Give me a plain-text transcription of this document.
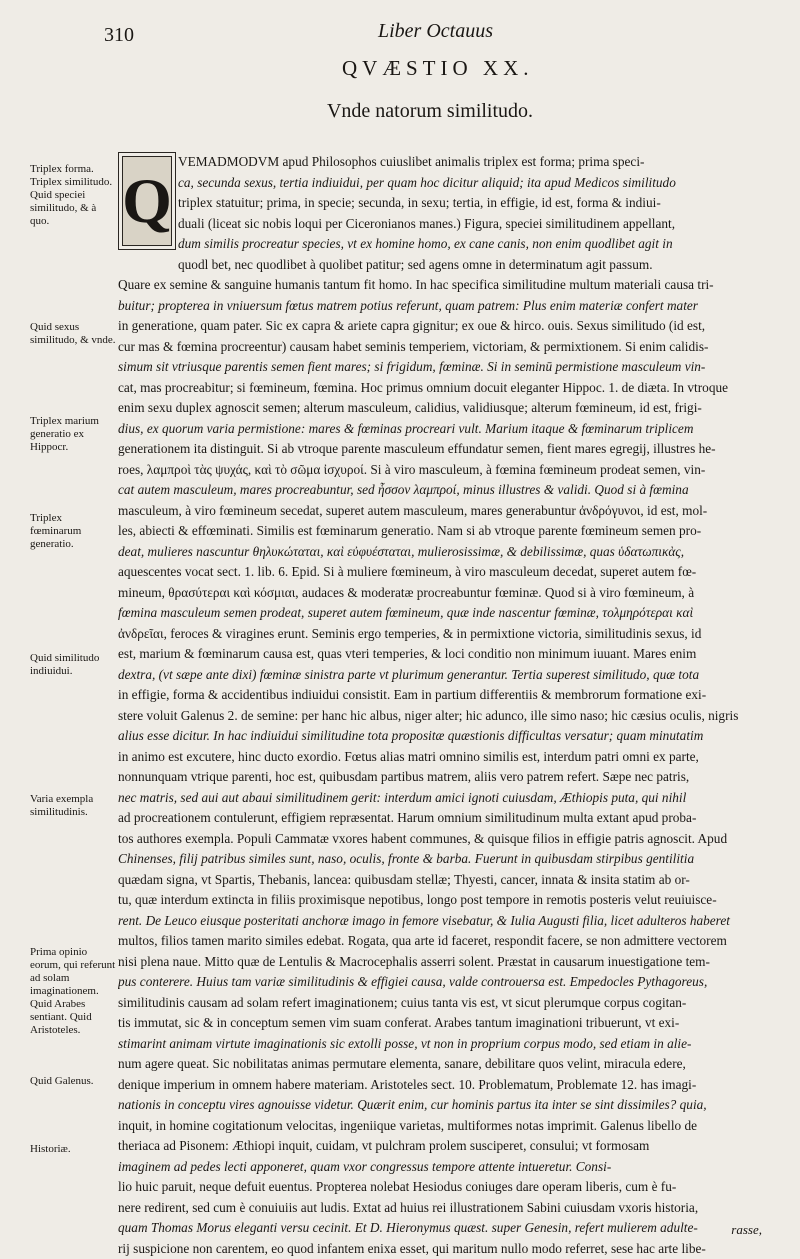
310	Liber Octauus
QVÆSTIO XX.
Vnde natorum similitudo.
Q
Triplex forma. Triplex similitudo. Quid speciei similitudo, & à quo.
Quid sexus similitudo, & vnde.
Triplex marium generatio ex Hippocr.
Triplex fœminarum generatio.
Quid similitudo indiuidui.
Varia exempla similitudinis.
Prima opinio eorum, qui referunt ad solam imaginationem. Quid Arabes sentiant. Quid Aristoteles.
Quid Galenus.
Historiæ.
VEMADMODVM apud Philosophos cuiuslibet animalis triplex est forma; prima speci-
ca, secunda sexus, tertia indiuidui, per quam hoc dicitur aliquid; ita apud Medicos similitudo
triplex statuitur; prima, in specie; secunda, in sexu; tertia, in effigie, id est, forma & indiui-
duali (liceat sic nobis loqui per Ciceronianos manes.) Figura, speciei similitudinem appellant,
dum similis procreatur species, vt ex homine homo, ex cane canis, non enim quodlibet agit in
quodl bet, nec quodlibet à quolibet patitur; sed agens omne in determinatum agit passum.
Quare ex semine & sanguine humanis tantum fit homo. In hac specifica similitudine multum materiali causa tri-
buitur; propterea in vniuersum fœtus matrem potius referunt, quam patrem: Plus enim materiæ confert mater
in generatione, quam pater. Sic ex capra & ariete capra gignitur; ex oue & hirco. ouis. Sexus similitudo (id est,
cur mas & fœmina procreentur) causam habet seminis temperiem, victoriam, & permixtionem. Si enim calidis-
simum sit vtriusque parentis semen fient mares; si frigidum, fœminæ. Si in seminū permistione masculeum vin-
cat, mas procreabitur; si fœmineum, fœmina. Hoc primus omnium docuit eleganter Hippoc. 1. de diæta. In vtroque
enim sexu duplex agnoscit semen; alterum masculeum, calidius, validiusque; alterum fœmineum, id est, frigi-
dius, ex quorum varia permistione: mares & fœminas procreari vult. Marium itaque & fœminarum triplicem
generationem ita distinguit. Si ab vtroque parente masculeum effundatur semen, fient mares egregij, illustres he-
roes, λαμπροὶ τὰς ψυχάς, καὶ τὸ σῶμα ἰσχυροί. Si à viro masculeum, à fœmina fœmineum prodeat semen, vin-
cat autem masculeum, mares procreabuntur, sed ἧσσον λαμπροί, minus illustres & validi. Quod si à fœmina
masculeum, à viro fœmineum secedat, superet autem masculeum, mares generabuntur ἀνδρόγυνοι, id est, mol-
les, abiecti & effœminati. Similis est fœminarum generatio. Nam si ab vtroque parente fœmineum semen pro-
deat, mulieres nascuntur θηλυκώταται, καὶ εὐφυέσταται, mulierosissimæ, & debilissimæ, quas ὑδατωπικὰς,
aquescentes vocat sect. 1. lib. 6. Epid. Si à muliere fœmineum, à viro masculeum decedat, superet autem fœ-
mineum, θρασύτεραι καὶ κόσμιαι, audaces & moderatæ procreabuntur fœminæ. Quod si à viro fœmineum, à
fœmina masculeum semen prodeat, superet autem fœmineum, quæ inde nascentur fœminæ, τολμηρότεραι καὶ
ἀνδρεῖαι, feroces & viragines erunt. Seminis ergo temperies, & in permixtione victoria, similitudinis sexus, id
est, marium & fœminarum causa est, quas vteri temperies, & loci conditio non minimum iuuant. Mares enim
dextra, (vt sæpe ante dixi) fœminæ sinistra parte vt plurimum generantur. Tertia superest similitudo, quæ tota
in effigie, forma & accidentibus indiuidui consistit. Eam in partium differentiis & membrorum formatione exi-
stere voluit Galenus 2. de semine: per hanc hic albus, niger alter; hic adunco, ille simo naso; hic cæsius oculis, nigris
alius esse dicitur. In hac indiuidui similitudine tota propositæ quæstionis difficultas versatur; quam minutatim
in animo est excutere, hinc ducto exordio. Fœtus alias matri omnino similis est, interdum patri omni ex parte,
nonnunquam vtrique parenti, hoc est, quibusdam partibus matrem, aliis vero patrem refert. Sæpe nec patris,
nec matris, sed aui aut abaui similitudinem gerit: interdum amici ignoti cuiusdam, Æthiopis puta, qui nihil
ad procreationem contulerunt, effigiem repræsentat. Harum omnium similitudinum multa extant apud proba-
tos authores exempla. Populi Cammatæ vxores habent communes, & quisque filios in effigie patris agnoscit. Apud
Chinenses, filij patribus similes sunt, naso, oculis, fronte & barba. Fuerunt in quibusdam stirpibus gentilitia
quædam signa, vt Spartis, Thebanis, lancea: quibusdam stellæ; Thyesti, cancer, innata & insita statim ab or-
tu, quæ interdum extincta in filiis proximisque nepotibus, longo post tempore in remotis posteris velut reuiuisce-
rent. De Leuco eiusque posteritati anchoræ imago in femore visebatur, & Iulia Augusti filia, licet adulteros haberet
multos, filios tamen marito similes edebat. Rogata, qua arte id faceret, respondit facere, se non admittere vectorem
nisi plena naue. Mitto quæ de Lentulis & Macrocephalis asserri solent. Præstat in causarum inuestigatione tem-
pus conterere. Huius tam variæ similitudinis & effigiei causa, valde controuersa est. Empedocles Pythagoreus,
similitudinis causam ad solam refert imaginationem; cuius tanta vis est, vt sicut plerumque corpus cogitan-
tis immutat, sic & in conceptum semen vim suam conferat. Arabes tantum imaginationi tribuerunt, vt exi-
stimarint animam virtute imaginationis sic extolli posse, vt non in proprium corpus modo, sed etiam in alie-
num agere queat. Sic nobilitatas animas permutare elementa, sanare, debilitare quos velint, miracula edere,
denique imperium in omnem habere materiam. Aristoteles sect. 10. Problematum, Problemate 12. has imagi-
nationis in conceptu vires agnouisse videtur. Quærit enim, cur hominis partus ita inter se sint dissimiles? quia,
inquit, in homine cogitationum velocitas, ingeniique varietas, multiformes notas imprimit. Galenus libello de
theriaca ad Pisonem: Æthiopi inquit, cuidam, vt pulchram prolem susciperet, consului; vt formosam
imaginem ad pedes lecti apponeret, quam vxor congressus tempore attente intueretur. Consi-
lio huic paruit, neque defuit euentus. Propterea nolebat Hesiodus coniuges dare operam liberis, cum è fu-
nere redirent, sed cum è conuiuiis aut ludis. Extat ad huius rei illustrationem Sabini cuiusdam vxoris historia,
quam Thomas Morus eleganti versu cecinit. Et D. Hieronymus quæst. super Genesin, refert mulierem adulte-
rij suspicione non carentem, eo quod infantem enixa esset, qui maritum nullo modo referret, sese hac arte libe-
rasse,
